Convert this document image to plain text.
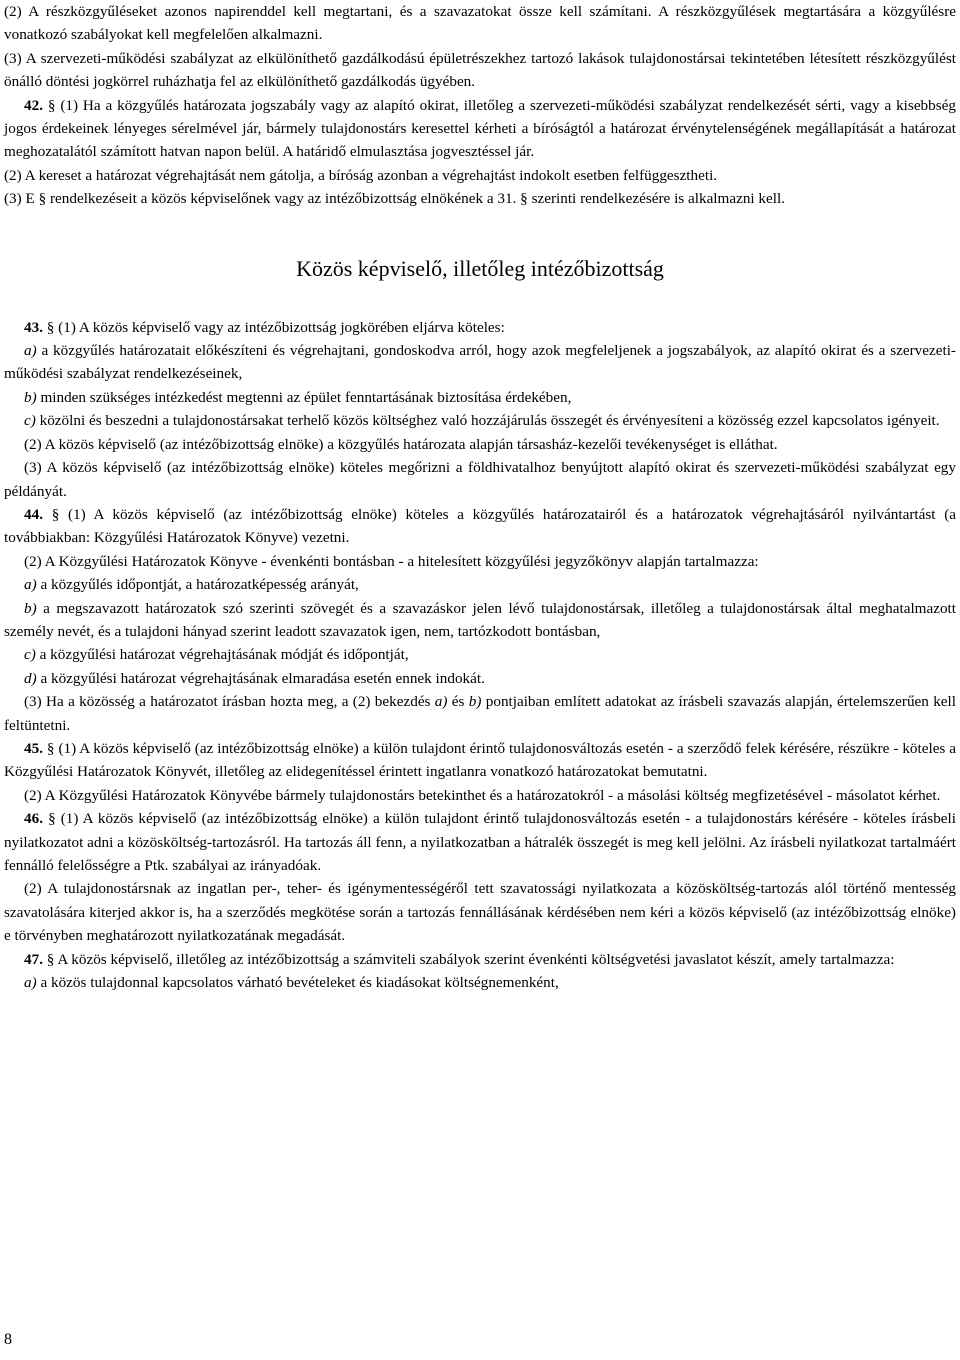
(2) A részközgyűléseket azonos napirenddel kell megtartani, és a szavazatokat össze kell számítani. A részközgyűlések megtartására a közgyűlésre vonatkozó szabályokat kell megfelelően alkalmazni.

(3) A szervezeti-működési szabályzat az elkülöníthető gazdálkodású épületrészekhez tartozó lakások tulajdonostársai tekintetében létesített részközgyűlést önálló döntési jogkörrel ruházhatja fel az elkülöníthető gazdálkodás ügyében.

42. § (1) Ha a közgyűlés határozata jogszabály vagy az alapító okirat, illetőleg a szervezeti-működési szabályzat rendelkezését sérti, vagy a kisebbség jogos érdekeinek lényeges sérelmével jár, bármely tulajdonostárs keresettel kérheti a bíróságtól a határozat érvénytelenségének megállapítását a határozat meghozatalától számított hatvan napon belül. A határidő elmulasztása jogvesztéssel jár.

(2) A kereset a határozat végrehajtását nem gátolja, a bíróság azonban a végrehajtást indokolt esetben felfüggesztheti.

(3) E § rendelkezéseit a közös képviselőnek vagy az intézőbizottság elnökének a 31. § szerinti rendelkezésére is alkalmazni kell.

Közös képviselő, illetőleg intézőbizottság

43. § (1) A közös képviselő vagy az intézőbizottság jogkörében eljárva köteles:

a) a közgyűlés határozatait előkészíteni és végrehajtani, gondoskodva arról, hogy azok megfeleljenek a jogszabályok, az alapító okirat és a szervezeti-működési szabályzat rendelkezéseinek,

b) minden szükséges intézkedést megtenni az épület fenntartásának biztosítása érdekében,

c) közölni és beszedni a tulajdonostársakat terhelő közös költséghez való hozzájárulás összegét és érvényesíteni a közösség ezzel kapcsolatos igényeit.

(2) A közös képviselő (az intézőbizottság elnöke) a közgyűlés határozata alapján társasház-kezelői tevékenységet is elláthat.

(3) A közös képviselő (az intézőbizottság elnöke) köteles megőrizni a földhivatalhoz benyújtott alapító okirat és szervezeti-működési szabályzat egy példányát.

44. § (1) A közös képviselő (az intézőbizottság elnöke) köteles a közgyűlés határozatairól és a határozatok végrehajtásáról nyilvántartást (a továbbiakban: Közgyűlési Határozatok Könyve) vezetni.

(2) A Közgyűlési Határozatok Könyve - évenkénti bontásban - a hitelesített közgyűlési jegyzőkönyv alapján tartalmazza:

a) a közgyűlés időpontját, a határozatképesség arányát,

b) a megszavazott határozatok szó szerinti szövegét és a szavazáskor jelen lévő tulajdonostársak, illetőleg a tulajdonostársak által meghatalmazott személy nevét, és a tulajdoni hányad szerint leadott szavazatok igen, nem, tartózkodott bontásban,

c) a közgyűlési határozat végrehajtásának módját és időpontját,

d) a közgyűlési határozat végrehajtásának elmaradása esetén ennek indokát.

(3) Ha a közösség a határozatot írásban hozta meg, a (2) bekezdés a) és b) pontjaiban említett adatokat az írásbeli szavazás alapján, értelemszerűen kell feltüntetni.

45. § (1) A közös képviselő (az intézőbizottság elnöke) a külön tulajdont érintő tulajdonosváltozás esetén - a szerződő felek kérésére, részükre - köteles a Közgyűlési Határozatok Könyvét, illetőleg az elidegenítéssel érintett ingatlanra vonatkozó határozatokat bemutatni.

(2) A Közgyűlési Határozatok Könyvébe bármely tulajdonostárs betekinthet és a határozatokról - a másolási költség megfizetésével - másolatot kérhet.

46. § (1) A közös képviselő (az intézőbizottság elnöke) a külön tulajdont érintő tulajdonosváltozás esetén - a tulajdonostárs kérésére - köteles írásbeli nyilatkozatot adni a közösköltség-tartozásról. Ha tartozás áll fenn, a nyilatkozatban a hátralék összegét is meg kell jelölni. Az írásbeli nyilatkozat tartalmáért fennálló felelősségre a Ptk. szabályai az irányadóak.

(2) A tulajdonostársnak az ingatlan per-, teher- és igénymentességéről tett szavatossági nyilatkozata a közösköltség-tartozás alól történő mentesség szavatolására kiterjed akkor is, ha a szerződés megkötése során a tartozás fennállásának kérdésében nem kéri a közös képviselő (az intézőbizottság elnöke) e törvényben meghatározott nyilatkozatának megadását.

47. § A közös képviselő, illetőleg az intézőbizottság a számviteli szabályok szerint évenkénti költségvetési javaslatot készít, amely tartalmazza:

a) a közös tulajdonnal kapcsolatos várható bevételeket és kiadásokat költségnemenként,

8
